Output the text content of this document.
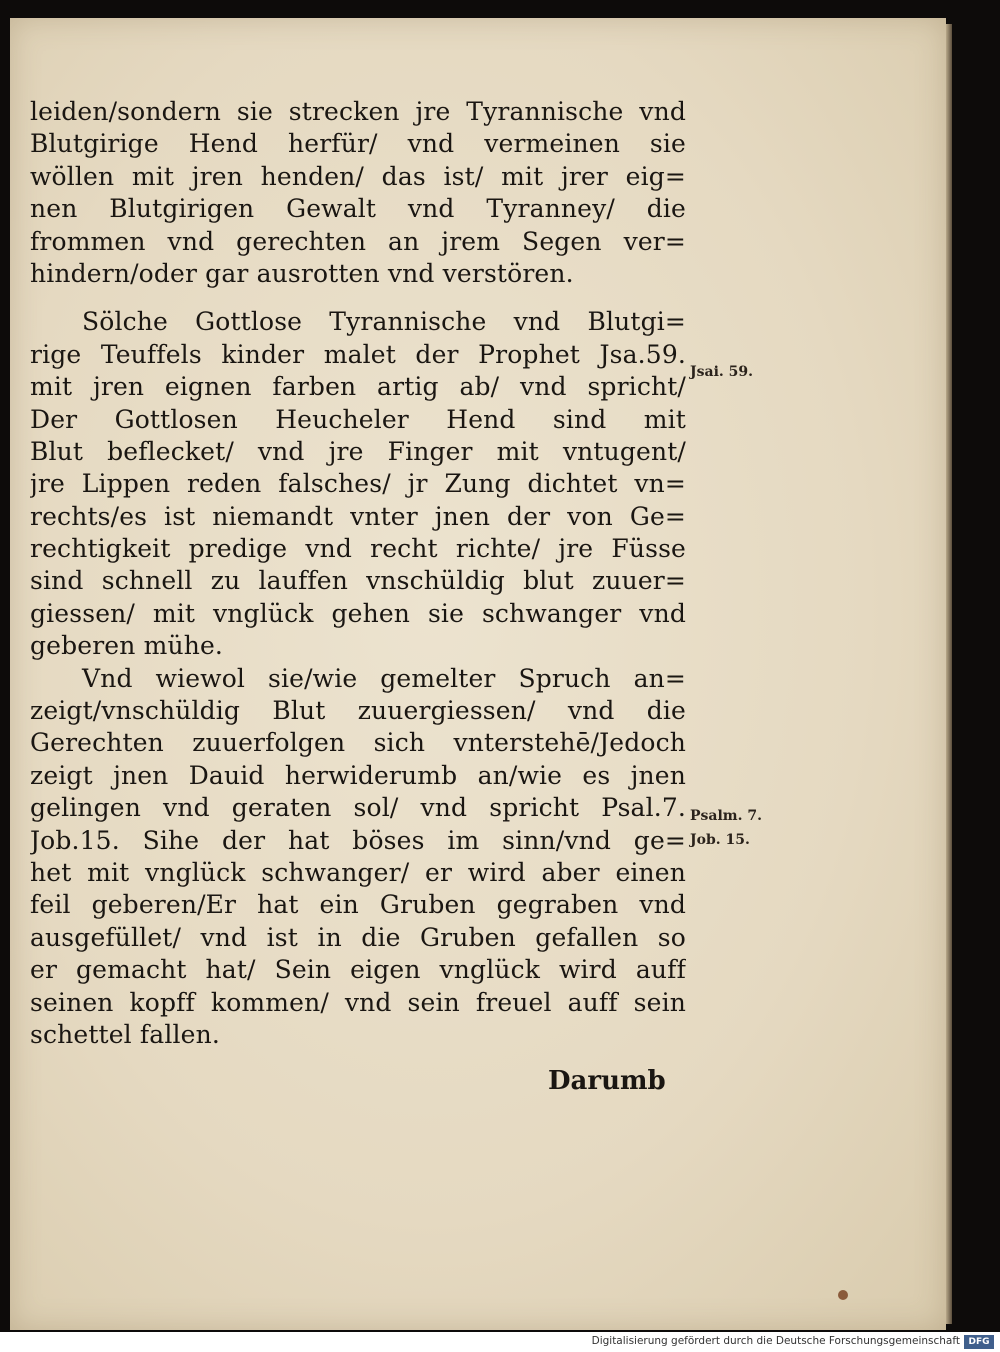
leiden/sondern sie strecken jre Tyrannische vnd
Blutgirige Hend herfür/ vnd vermeinen sie
wöllen mit jren henden/ das ist/ mit jrer eig=
nen Blutgirigen Gewalt vnd Tyranney/ die
frommen vnd gerechten an jrem Segen ver=
hindern/oder gar ausrotten vnd verstören.
Sölche Gottlose Tyrannische vnd Blutgi=
rige Teuffels kinder malet der Prophet Jsa.59.
mit jren eignen farben artig ab/ vnd spricht/
Der Gottlosen Heucheler Hend sind mit
Blut beflecket/ vnd jre Finger mit vntugent/
jre Lippen reden falsches/ jr Zung dichtet vn=
rechts/es ist niemandt vnter jnen der von Ge=
rechtigkeit predige vnd recht richte/ jre Füsse
sind schnell zu lauffen vnschüldig blut zuuer=
giessen/ mit vnglück gehen sie schwanger vnd
geberen mühe.
Vnd wiewol sie/wie gemelter Spruch an=
zeigt/vnschüldig Blut zuuergiessen/ vnd die
Gerechten zuuerfolgen sich vnterstehē/Jedoch
zeigt jnen Dauid herwiderumb an/wie es jnen
gelingen vnd geraten sol/ vnd spricht Psal.7.
Job.15. Sihe der hat böses im sinn/vnd ge=
het mit vnglück schwanger/ er wird aber einen
feil geberen/Er hat ein Gruben gegraben vnd
ausgefüllet/ vnd ist in die Gruben gefallen so
er gemacht hat/ Sein eigen vnglück wird auff
seinen kopff kommen/ vnd sein freuel auff sein
schettel fallen.
Jsai. 59.
Psalm. 7.
Job. 15.
Darumb
Digitalisierung gefördert durch die Deutsche Forschungsgemeinschaft DFG
